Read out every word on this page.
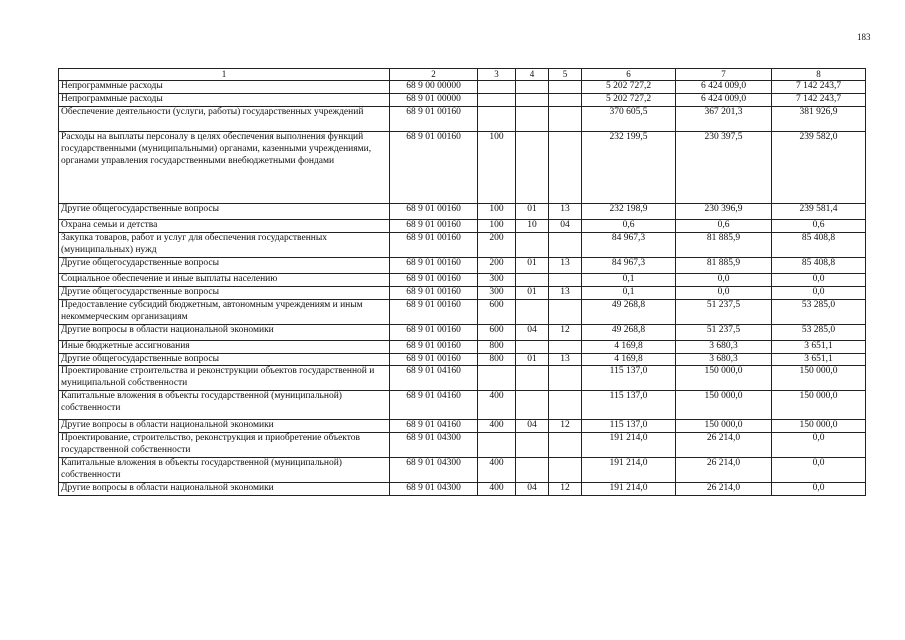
183
1	2	3	4	5	6	7	8
Непрограммные расходы	68 9 00 00000				5 202 727,2	6 424 009,0	7 142 243,7
Непрограммные расходы	68 9 01 00000				5 202 727,2	6 424 009,0	7 142 243,7
Обеспечение деятельности (услуги, работы) государственных учреждений	68 9 01 00160				370 605,5	367 201,3	381 926,9
Расходы на выплаты персоналу в целях обеспечения выполнения функций государственными (муниципальными) органами, казенными учреждениями, органами управления государственными внебюджетными фондами	68 9 01 00160	100			232 199,5	230 397,5	239 582,0
Другие общегосударственные вопросы	68 9 01 00160	100	01	13	232 198,9	230 396,9	239 581,4
Охрана семьи и детства	68 9 01 00160	100	10	04	0,6	0,6	0,6
Закупка товаров, работ и услуг для обеспечения государственных (муниципальных) нужд	68 9 01 00160	200			84 967,3	81 885,9	85 408,8
Другие общегосударственные вопросы	68 9 01 00160	200	01	13	84 967,3	81 885,9	85 408,8
Социальное обеспечение и иные выплаты населению	68 9 01 00160	300			0,1	0,0	0,0
Другие общегосударственные вопросы	68 9 01 00160	300	01	13	0,1	0,0	0,0
Предоставление субсидий бюджетным, автономным учреждениям и иным некоммерческим организациям	68 9 01 00160	600			49 268,8	51 237,5	53 285,0
Другие вопросы в области национальной экономики	68 9 01 00160	600	04	12	49 268,8	51 237,5	53 285,0
Иные бюджетные ассигнования	68 9 01 00160	800			4 169,8	3 680,3	3 651,1
Другие общегосударственные вопросы	68 9 01 00160	800	01	13	4 169,8	3 680,3	3 651,1
Проектирование строительства и реконструкции объектов государственной и муниципальной собственности	68 9 01 04160				115 137,0	150 000,0	150 000,0
Капитальные вложения в объекты государственной (муниципальной) собственности	68 9 01 04160	400			115 137,0	150 000,0	150 000,0
Другие вопросы в области национальной экономики	68 9 01 04160	400	04	12	115 137,0	150 000,0	150 000,0
Проектирование, строительство, реконструкция и приобретение объектов государственной собственности	68 9 01 04300				191 214,0	26 214,0	0,0
Капитальные вложения в объекты государственной (муниципальной) собственности	68 9 01 04300	400			191 214,0	26 214,0	0,0
Другие вопросы в области национальной экономики	68 9 01 04300	400	04	12	191 214,0	26 214,0	0,0
